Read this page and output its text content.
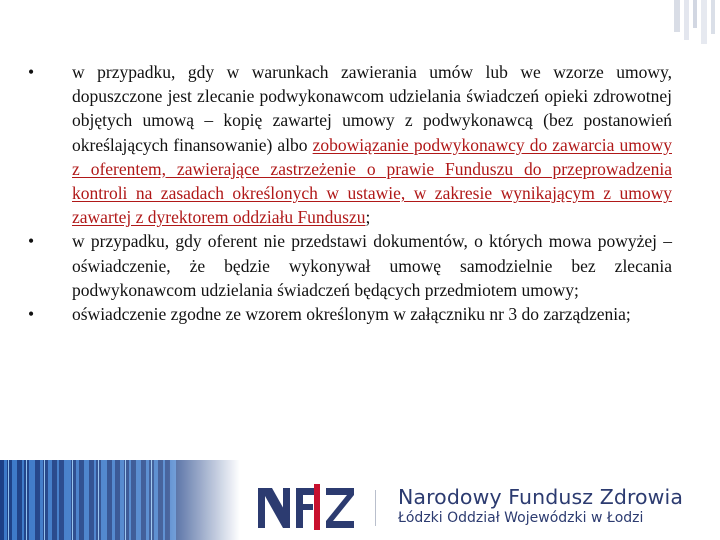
• w przypadku, gdy w warunkach zawierania umów lub we wzorze umowy, dopuszczone jest zlecanie podwykonawcom udzielania świadczeń opieki zdrowotnej objętych umową – kopię zawartej umowy z podwykonawcą (bez postanowień określających finansowanie) albo zobowiązanie podwykonawcy do zawarcia umowy z oferentem, zawierające zastrzeżenie o prawie Funduszu do przeprowadzenia kontroli na zasadach określonych w ustawie, w zakresie wynikającym z umowy zawartej z dyrektorem oddziału Funduszu;
• w przypadku, gdy oferent nie przedstawi dokumentów, o których mowa powyżej – oświadczenie, że będzie wykonywał umowę samodzielnie bez zlecania podwykonawcom udzielania świadczeń będących przedmiotem umowy;
• oświadczenie zgodne ze wzorem określonym w załączniku nr 3 do zarządzenia;
Narodowy Fundusz Zdrowia
Łódzki Oddział Wojewódzki w Łodzi
